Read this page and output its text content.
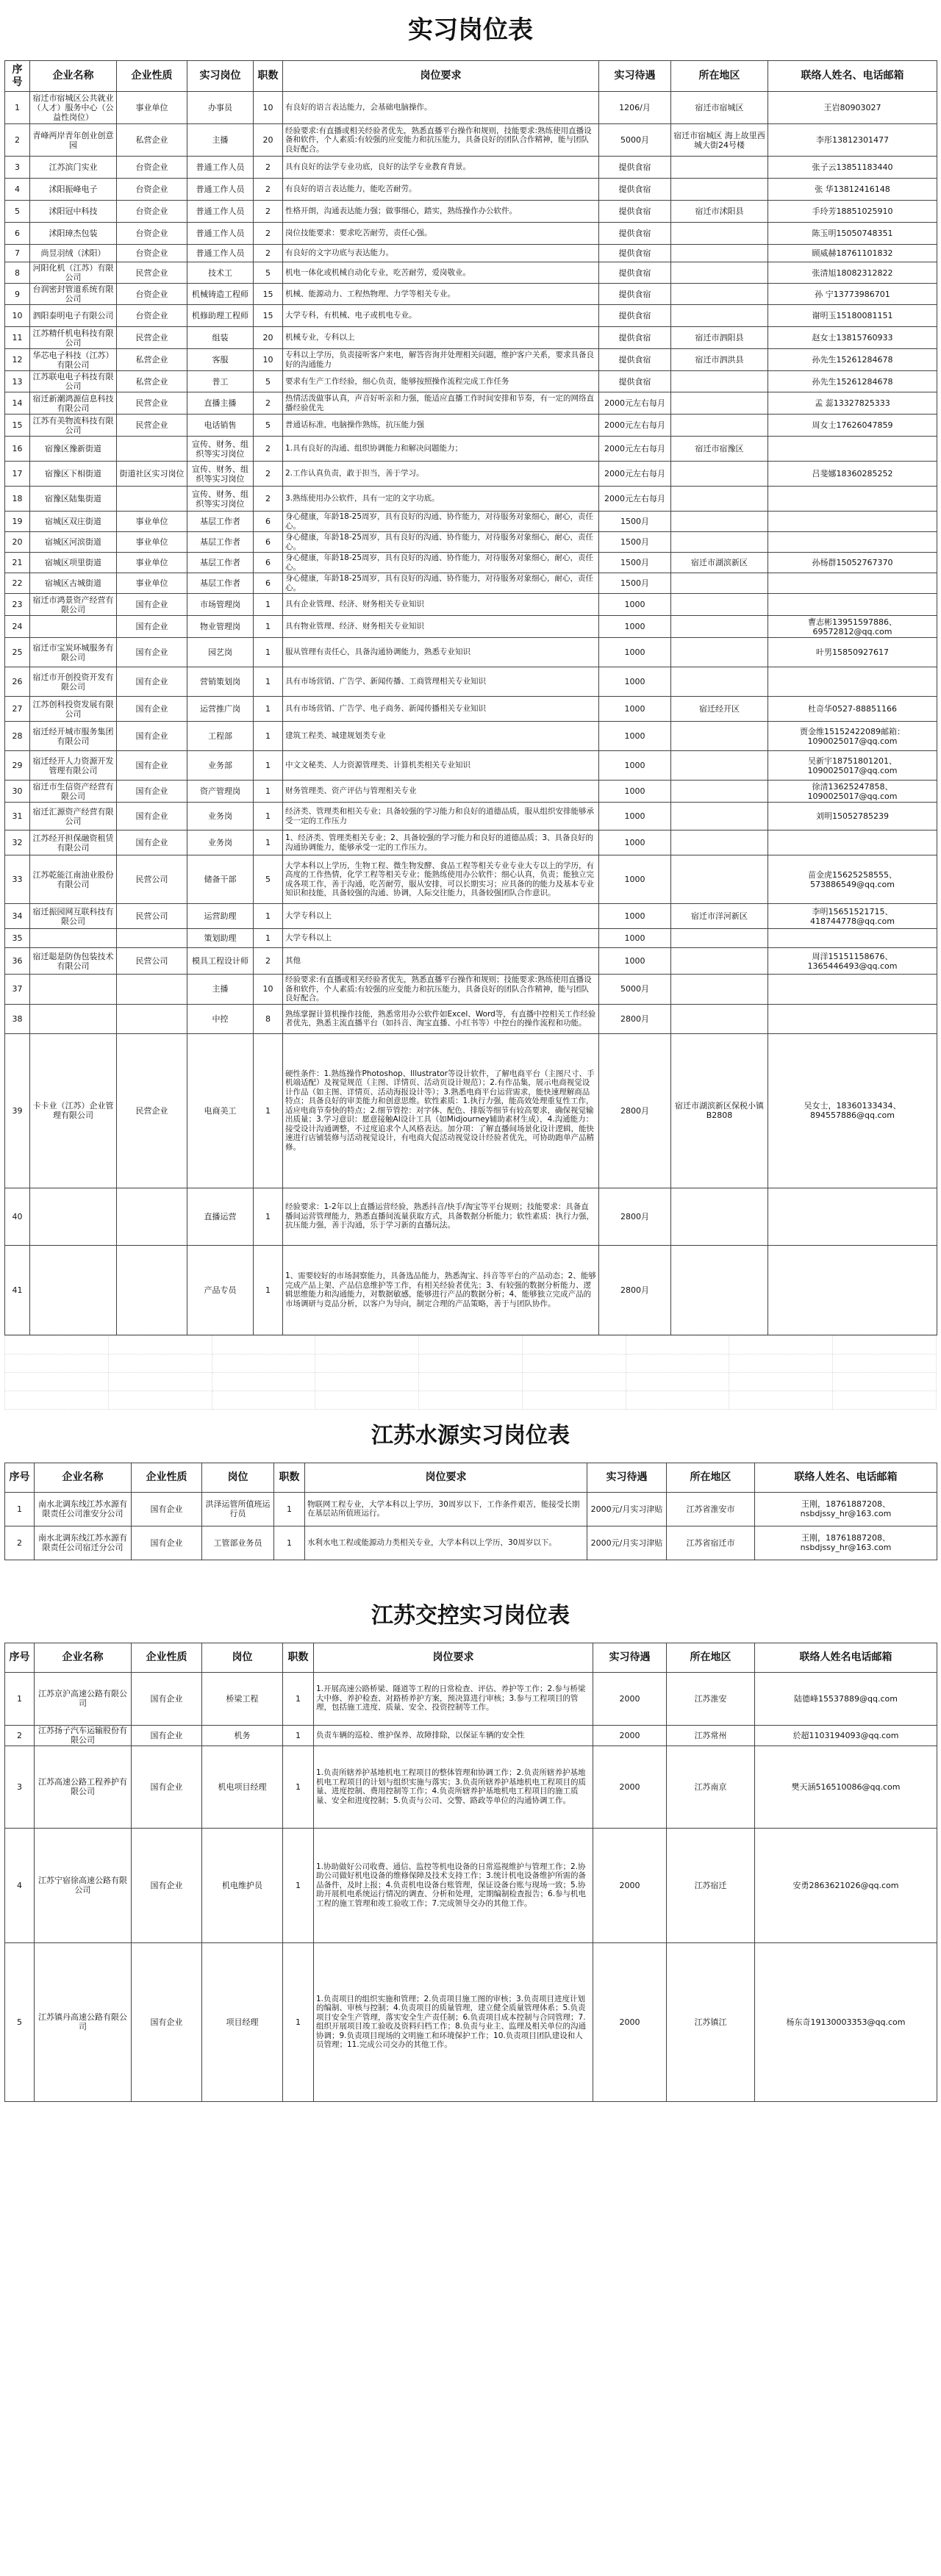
实习岗位表
序号	企业名称	企业性质	实习岗位	职数	岗位要求	实习待遇	所在地区	联络人姓名、电话邮箱
1	宿迁市宿城区公共就业（人才）服务中心（公益性岗位）	事业单位	办事员	10	有良好的语言表达能力，会基础电脑操作。	1206/月	宿迁市宿城区	王岩80903027
2	青峰两岸青年创业创意园	私营企业	主播	20	经验要求:有直播或相关经验者优先，熟悉直播平台操作和规则，技能要求:熟练使用直播设备和软件，个人素质:有较强的应变能力和抗压能力，具备良好的团队合作精神，能与团队良好配合。	5000月	宿迁市宿城区 海上故里西城大街24号楼	李彤13812301477
3	江苏滨门实业	台资企业	普通工作人员	2	具有良好的法学专业功底，良好的法学专业教育背景。	提供食宿		张子云13851183440
4	沭阳振峰电子	台资企业	普通工作人员	2	有良好的语言表达能力，能吃苦耐劳。	提供食宿		张 华13812416148
5	沭阳冠中科技	台资企业	普通工作人员	2	性格开朗，沟通表达能力强；做事细心，踏实，熟练操作办公软件。	提供食宿	宿迁市沭阳县	手玲芳18851025910
6	沭阳璋杰包装	台资企业	普通工作人员	2	岗位技能要求：要求吃苦耐劳，责任心强。	提供食宿		陈玉明15050748351
7	尚昱羽绒（沭阳）	台资企业	普通工作人员	2	有良好的文字功底与表达能力。	提供食宿		顾威赫18761101832
8	河阳化机（江苏）有限公司	民营企业	技术工	5	机电一体化或机械自动化专业，吃苦耐劳，爱岗敬业。	提供食宿		张清旭18082312822
9	台润密封管道系统有限公司	台资企业	机械铸造工程师	15	机械、能源动力、工程热物理、力学等相关专业。	提供食宿		孙 宁13773986701
10	泗阳泰明电子有限公司	台资企业	机修助理工程师	15	大学专科，有机械、电子或机电专业。	提供食宿		谢明玉15180081151
11	江苏精仟机电科技有限公司	民营企业	组装	20	机械专业，专科以上	提供食宿	宿迁市泗阳县	赵女士13815760933
12	华芯电子科技（江苏）有限公司	私营企业	客服	10	专科以上学历，负责接听客户来电，解答咨询并处理相关问题，维护客户关系，要求具备良好的沟通能力	提供食宿	宿迁市泗洪县	孙先生15261284678
13	江苏联电电子科技有限公司	私营企业	普工	5	要求有生产工作经验，细心负责，能够按照操作流程完成工作任务	提供食宿		孙先生15261284678
14	宿迁新潮鸿源信息科技有限公司	民营企业	直播主播	2	热情活泼做事认真，声音好听亲和力强，能适应直播工作时间安排和节奏，有一定的网络直播经验优先	2000元左右每月		孟 蕊13327825333
15	江苏有美物流科技有限公司	民营企业	电话销售	5	普通话标准，电脑操作熟练，抗压能力强	2000元左右每月		周女士17626047859
16	宿豫区豫新街道		宣传、财务、组织等实习岗位	2	1.具有良好的沟通、组织协调能力和解决问题能力；	2000元左右每月	宿迁市宿豫区	
17	宿豫区下相街道	街道社区实习岗位	宣传、财务、组织等实习岗位	2	2.工作认真负责，敢于担当，善于学习。	2000元左右每月		吕斐娜18360285252
18	宿豫区陆集街道		宣传、财务、组织等实习岗位	2	3.熟练使用办公软件，具有一定的文字功底。	2000元左右每月		
19	宿城区双庄街道	事业单位	基层工作者	6	身心健康，年龄18-25周岁，具有良好的沟通、协作能力，对待服务对象细心，耐心，责任心。	1500月		
20	宿城区河滨街道	事业单位	基层工作者	6	身心健康，年龄18-25周岁，具有良好的沟通、协作能力，对待服务对象细心，耐心，责任心。	1500月		
21	宿城区项里街道	事业单位	基层工作者	6	身心健康，年龄18-25周岁，具有良好的沟通、协作能力，对待服务对象细心，耐心，责任心。	1500月	宿迁市湖滨新区	孙杨群15052767370
22	宿城区古城街道	事业单位	基层工作者	6	身心健康，年龄18-25周岁，具有良好的沟通、协作能力，对待服务对象细心，耐心，责任心。	1500月		
23	宿迁市鸿景资产经营有限公司	国有企业	市场管理岗	1	具有企业管理、经济、财务相关专业知识	1000		
24		国有企业	物业管理岗	1	具有物业管理、经济、财务相关专业知识	1000		曹志彬13951597886、69572812@qq.com
25	宿迁市宝炭环城服务有限公司	国有企业	园艺岗	1	服从管理有责任心，具备沟通协调能力，熟悉专业知识	1000		叶男15850927617
26	宿迁市开创投资开发有限公司	国有企业	营销策划岗	1	具有市场营销、广告学、新闻传播、工商管理相关专业知识	1000		
27	江苏创科投资发展有限公司	国有企业	运营推广岗	1	具有市场营销、广告学、电子商务、新闻传播相关专业知识	1000	宿迁经开区	杜奇华0527-88851166
28	宿迁经开城市服务集团有限公司	国有企业	工程部	1	建筑工程类、城建规划类专业	1000		贾金维15152422089邮箱：1090025017@qq.com
29	宿迁经开人力资源开发管理有限公司	国有企业	业务部	1	中文文秘类、人力资源管理类、计算机类相关专业知识	1000		吴新宇18751801201、1090025017@qq.com
30	宿迁市生信资产经营有限公司	国有企业	资产管理岗	1	财务管理类、资产评估与管理相关专业	1000		徐清13625247858、1090025017@qq.com
31	宿迁汇源资产经营有限公司	国有企业	业务岗	1	经济类、管理类和相关专业；具备较强的学习能力和良好的道德品质，服从组织安排能够承受一定的工作压力	1000		刘明15052785239
32	江苏经开担保融资租赁有限公司	国有企业	业务岗	1	1、经济类、管理类相关专业；2、具备较强的学习能力和良好的道德品质；3、具备良好的沟通协调能力，能够承受一定的工作压力。	1000		
33	江苏乾能江南油业股份有限公司	民营公司	储备干部	5	大学本科以上学历，生物工程、微生物发酵、食品工程等相关专业专业大专以上的学历，有高度的工作热情，化学工程等相关专业；能熟练使用办公软件；细心认真，负责；能独立完成各项工作，善于沟通，吃苦耐劳，服从安排，可以长期实习；应具备的的能力及基本专业知识和技能，具备较强的沟通、协调，人际交往能力，具备较强团队合作意识。	1000		苗金虎15625258555、573886549@qq.com
34	宿迁振园网互联科技有限公司	民营公司	运营助理	1	大学专科以上	1000	宿迁市洋河新区	李明15651521715、418744778@qq.com
35			策划助理	1	大学专科以上	1000		
36	宿迁聪是防伪包装技术有限公司	民营公司	模具工程设计师	2	其他	1000		周洋15151158676、1365446493@qq.com
37			主播	10	经验要求:有直播或相关经验者优先，熟悉直播平台操作和规则；技能要求:熟练使用直播设备和软件，个人素质:有较强的应变能力和抗压能力，具备良好的团队合作精神，能与团队良好配合。	5000月		
38			中控	8	熟练掌握计算机操作技能，熟悉常用办公软件如Excel、Word等，有直播中控相关工作经验者优先，熟悉主流直播平台（如抖音、淘宝直播、小红书等）中控台的操作流程和功能。	2800月		
39	卡卡业（江苏）企业管理有限公司	民营企业	电商美工	1	硬性条件：1.熟练操作Photoshop、Illustrator等设计软件，了解电商平台（主图尺寸、手机端适配）及视觉规范（主图、详情页、活动页设计规范）；2.有作品集，展示电商视觉设计作品（如主图、详情页、活动海报设计等）；3.熟悉电商平台运营需求，能快速理解商品特点；具备良好的审美能力和创意思维。软性素质：1.执行力强，能高效处理重复性工作，适应电商节奏快的特点；2.细节管控：对字体、配色、排版等细节有较高要求，确保视觉输出质量；3.学习意识：愿意接触AI设计工具（如Midjourney辅助素材生成），4.沟通能力：接受设计沟通调整，不过度追求个人风格表达。加分项：了解直播间场景化设计逻辑，能快速进行店铺装修与活动视觉设计，有电商大促活动视觉设计经验者优先，可协助跑单产品精修。	2800月	宿迁市湖滨新区保税小镇B2808	吴女士，18360133434、894557886@qq.com
40			直播运营	1	经验要求：1-2年以上直播运营经验，熟悉抖音/快手/淘宝等平台规则；技能要求：具备直播间运营管理能力，熟悉直播间流量获取方式，具备数据分析能力；软性素质：执行力强，抗压能力强，善于沟通，乐于学习新的直播玩法。	2800月		
41			产品专员	1	1、需要较好的市场洞察能力，具备选品能力，熟悉淘宝、抖音等平台的产品动态；2、能够完成产品上架、产品信息维护等工作，有相关经验者优先；3、有较强的数据分析能力、逻辑思维能力和沟通能力，对数据敏感，能够进行产品的数据分析；4、能够独立完成产品的市场调研与竞品分析，以客户为导向，制定合理的产品策略，善于与团队协作。	2800月		

江苏水源实习岗位表
序号	企业名称	企业性质	岗位	职数	岗位要求	实习待遇	所在地区	联络人姓名、电话邮箱
1	南水北调东线江苏水源有限责任公司淮安分公司	国有企业	洪泽运管所值班运行员	1	物联网工程专业，大学本科以上学历，30周岁以下，工作条件艰苦，能接受长期在基层站所值班运行。	2000元/月实习津贴	江苏省淮安市	王刚，18761887208、nsbdjssy_hr@163.com
2	南水北调东线江苏水源有限责任公司宿迁分公司	国有企业	工管部业务员	1	水利水电工程或能源动力类相关专业，大学本科以上学历，30周岁以下。	2000元/月实习津贴	江苏省宿迁市	王刚，18761887208、nsbdjssy_hr@163.com
江苏交控实习岗位表
序号	企业名称	企业性质	岗位	职数	岗位要求	实习待遇	所在地区	联络人姓名电话邮箱
1	江苏京沪高速公路有限公司	国有企业	桥梁工程	1	1.开展高速公路桥梁、隧道等工程的日常检查、评估、养护等工作；2.参与桥梁大中修、养护检查、对路桥养护方案，预决算进行审核；3.参与工程项目的管理，包括施工进度、质量、安全、投资控制等工作。	2000	江苏淮安	陆德峰15537889@qq.com
2	江苏扬子汽车运输股份有限公司	国有企业	机务	1	负责车辆的巡检、维护保养、故障排除，以保证车辆的安全性	2000	江苏常州	於超1103194093@qq.com
3	江苏高速公路工程养护有限公司	国有企业	机电项目经理	1	1.负责所辖养护基地机电工程项目的整体管理和协调工作；2.负责所辖养护基地机电工程项目的计划与组织实施与落实；3.负责所辖养护基地机电工程项目的质量、进度控制、费用控制等工作；4.负责所辖养护基地机电工程项目的施工质量、安全和进度控制；5.负责与公司、交警、路政等单位的沟通协调工作。	2000	江苏南京	樊天涵516510086@qq.com
4	江苏宁宿徐高速公路有限公司	国有企业	机电维护员	1	1.协助做好公司收费、通信、监控等机电设备的日常巡视维护与管理工作；2.协助公司做好机电设备的维修保障及技术支持工作；3.统计机电设备维护所需的备品备件，及时上报；4.负责机电设备台账管理，保证设备台账与现场一致；5.协助开展机电系统运行情况的调查、分析和处理，定期编制检查报告；6.参与机电工程的施工管理和竣工验收工作；7.完成领导交办的其他工作。	2000	江苏宿迁	安勇2863621026@qq.com
5	江苏镇丹高速公路有限公司	国有企业	项目经理	1	1.负责项目的组织实施和管理；2.负责项目施工图的审核；3.负责项目进度计划的编制、审核与控制；4.负责项目的质量管理，建立健全质量管理体系；5.负责项目安全生产管理，落实安全生产责任制；6.负责项目成本控制与合同管理；7.组织开展项目竣工验收及资料归档工作；8.负责与业主、监理及相关单位的沟通协调；9.负责项目现场的文明施工和环境保护工作；10.负责项目团队建设和人员管理；11.完成公司交办的其他工作。	2000	江苏镇江	杨东奇19130003353@qq.com
